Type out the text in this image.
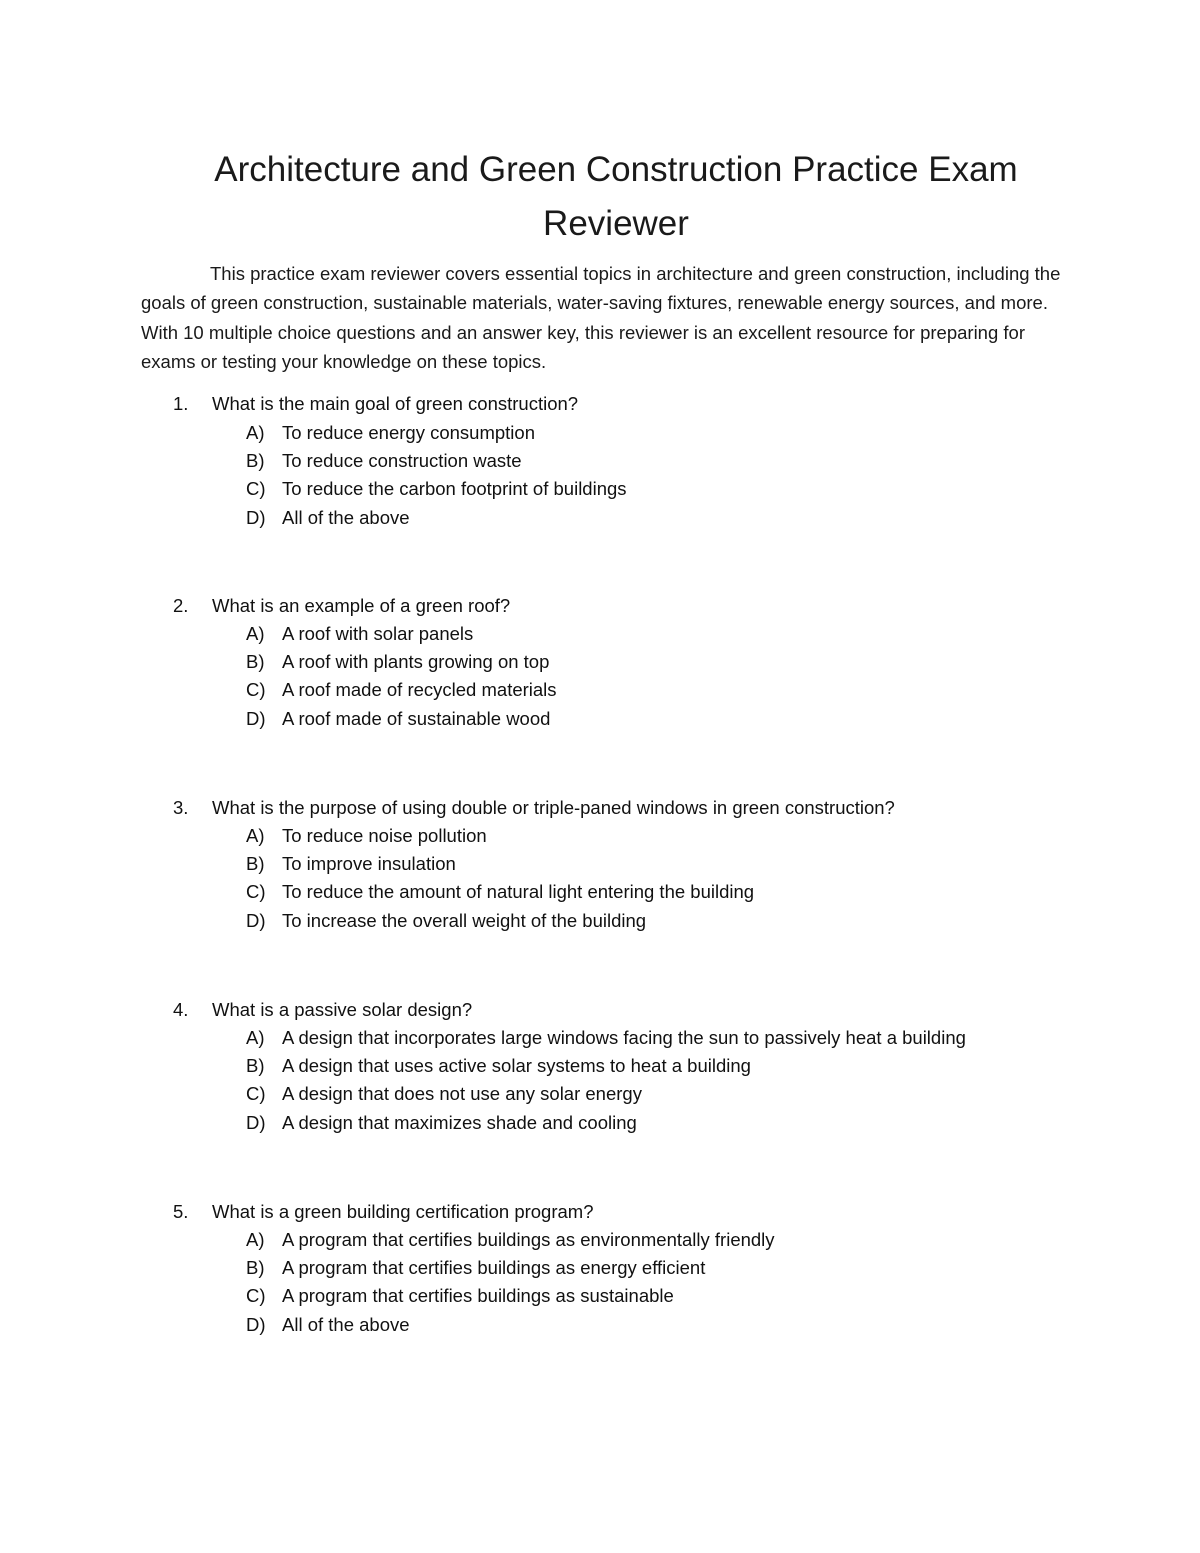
Architecture and Green Construction Practice Exam Reviewer

This practice exam reviewer covers essential topics in architecture and green construction, including the goals of green construction, sustainable materials, water-saving fixtures, renewable energy sources, and more. With 10 multiple choice questions and an answer key, this reviewer is an excellent resource for preparing for exams or testing your knowledge on these topics.

1. What is the main goal of green construction?
A) To reduce energy consumption
B) To reduce construction waste
C) To reduce the carbon footprint of buildings
D) All of the above
2. What is an example of a green roof?
A) A roof with solar panels
B) A roof with plants growing on top
C) A roof made of recycled materials
D) A roof made of sustainable wood
3. What is the purpose of using double or triple-paned windows in green construction?
A) To reduce noise pollution
B) To improve insulation
C) To reduce the amount of natural light entering the building
D) To increase the overall weight of the building
4. What is a passive solar design?
A) A design that incorporates large windows facing the sun to passively heat a building
B) A design that uses active solar systems to heat a building
C) A design that does not use any solar energy
D) A design that maximizes shade and cooling
5. What is a green building certification program?
A) A program that certifies buildings as environmentally friendly
B) A program that certifies buildings as energy efficient
C) A program that certifies buildings as sustainable
D) All of the above
